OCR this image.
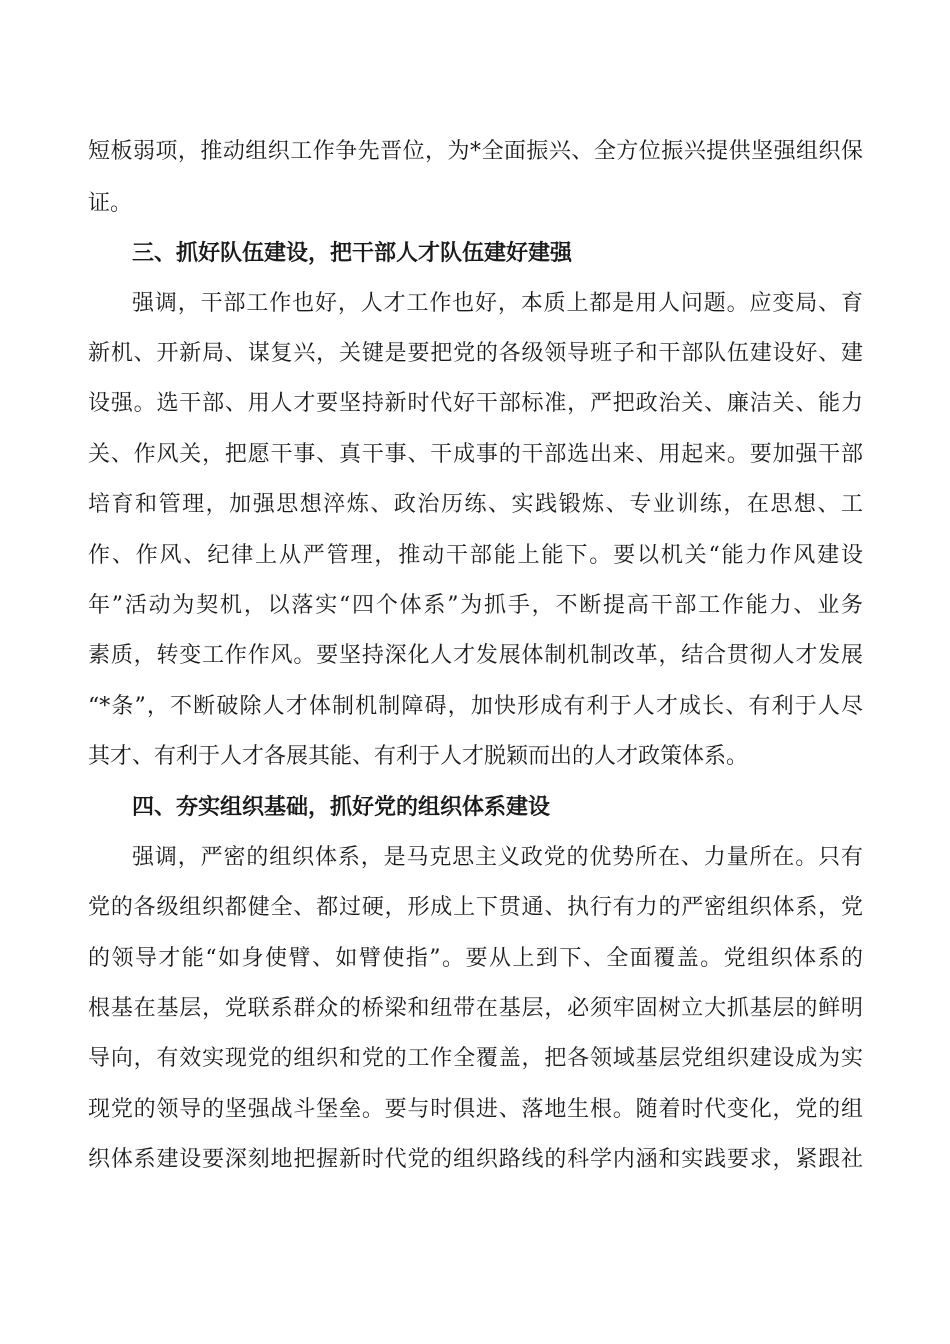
短板弱项，推动组织工作争先晋位，为*全面振兴、全方位振兴提供坚强组织保
证。
三、抓好队伍建设，把干部人才队伍建好建强
强调，干部工作也好，人才工作也好，本质上都是用人问题。应变局、育
新机、开新局、谋复兴，关键是要把党的各级领导班子和干部队伍建设好、建
设强。选干部、用人才要坚持新时代好干部标准，严把政治关、廉洁关、能力
关、作风关，把愿干事、真干事、干成事的干部选出来、用起来。要加强干部
培育和管理，加强思想淬炼、政治历练、实践锻炼、专业训练，在思想、工
作、作风、纪律上从严管理，推动干部能上能下。要以机关“能力作风建设
年”活动为契机，以落实“四个体系”为抓手，不断提高干部工作能力、业务
素质，转变工作作风。要坚持深化人才发展体制机制改革，结合贯彻人才发展
“*条”，不断破除人才体制机制障碍，加快形成有利于人才成长、有利于人尽
其才、有利于人才各展其能、有利于人才脱颖而出的人才政策体系。
四、夯实组织基础，抓好党的组织体系建设
强调，严密的组织体系，是马克思主义政党的优势所在、力量所在。只有
党的各级组织都健全、都过硬，形成上下贯通、执行有力的严密组织体系，党
的领导才能“如身使臂、如臂使指”。要从上到下、全面覆盖。党组织体系的
根基在基层，党联系群众的桥梁和纽带在基层，必须牢固树立大抓基层的鲜明
导向，有效实现党的组织和党的工作全覆盖，把各领域基层党组织建设成为实
现党的领导的坚强战斗堡垒。要与时俱进、落地生根。随着时代变化，党的组
织体系建设要深刻地把握新时代党的组织路线的科学内涵和实践要求，紧跟社
